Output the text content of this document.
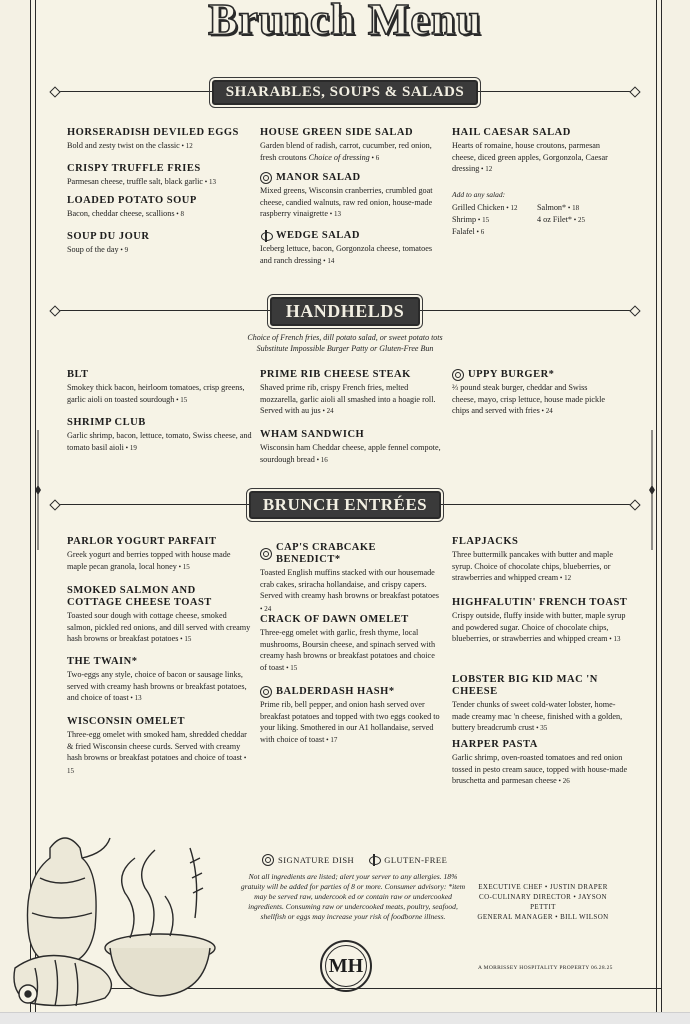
Brunch Menu
SHARABLES, SOUPS & SALADS
HORSERADISH DEVILED EGGS

Bold and zesty twist on the classic • 12

CRISPY TRUFFLE FRIES

Parmesan cheese, truffle salt, black garlic • 13

LOADED POTATO SOUP

Bacon, cheddar cheese, scallions • 8

SOUP DU JOUR

Soup of the day • 9

HOUSE GREEN SIDE SALAD

Garden blend of radish, carrot, cucumber, red onion, fresh croutons Choice of dressing • 6

MANOR SALAD

Mixed greens, Wisconsin cranberries, crumbled goat cheese, candied walnuts, raw red onion, house-made raspberry vinaigrette • 13

WEDGE SALAD

Iceberg lettuce, bacon, Gorgonzola cheese, tomatoes and ranch dressing • 14

HAIL CAESAR SALAD

Hearts of romaine, house croutons, parmesan cheese, diced green apples, Gorgonzola, Caesar dressing • 12

Add to any salad:
Grilled Chicken • 12 Salmon* • 18
Shrimp • 15	4 oz Filet* • 25
Falafel • 6
HANDHELDS
Choice of French fries, dill potato salad, or sweet potato tots
Substitute Impossible Burger Patty or Gluten-Free Bun
BLT

Smokey thick bacon, heirloom tomatoes, crisp greens, garlic aioli on toasted sourdough • 15

SHRIMP CLUB

Garlic shrimp, bacon, lettuce, tomato, Swiss cheese, and tomato basil aioli • 19

PRIME RIB CHEESE STEAK

Shaved prime rib, crispy French fries, melted mozzarella, garlic aioli all smashed into a hoagie roll. Served with au jus • 24

WHAM SANDWICH

Wisconsin ham Cheddar cheese, apple fennel compote, sourdough bread • 16

UPPY BURGER*

⅔ pound steak burger, cheddar and Swiss cheese, mayo, crisp lettuce, house made pickle chips and served with fries • 24

BRUNCH ENTRÉES
PARLOR YOGURT PARFAIT

Greek yogurt and berries topped with house made maple pecan granola, local honey • 15

SMOKED SALMON AND
COTTAGE CHEESE TOAST

Toasted sour dough with cottage cheese, smoked salmon, pickled red onions, and dill served with creamy hash browns or breakfast potatoes • 15

THE TWAIN*

Two-eggs any style, choice of bacon or sausage links, served with creamy hash browns or breakfast potatoes, and choice of toast • 13

WISCONSIN OMELET

Three-egg omelet with smoked ham, shredded cheddar & fried Wisconsin cheese curds. Served with creamy hash browns or breakfast potatoes and choice of toast • 15

CAP'S CRABCAKE BENEDICT*

Toasted English muffins stacked with our housemade crab cakes, sriracha hollandaise, and crispy capers. Served with creamy hash browns or breakfast potatoes • 24

CRACK OF DAWN OMELET

Three-egg omelet with garlic, fresh thyme, local mushrooms, Boursin cheese, and spinach served with creamy hash browns or breakfast potatoes and choice of toast • 15

BALDERDASH HASH*

Prime rib, bell pepper, and onion hash served over breakfast potatoes and topped with two eggs cooked to your liking. Smothered in our A1 hollandaise, served with choice of toast • 17

FLAPJACKS

Three buttermilk pancakes with butter and maple syrup. Choice of chocolate chips, blueberries, or strawberries and whipped cream • 12

HIGHFALUTIN' FRENCH TOAST

Crispy outside, fluffy inside with butter, maple syrup and powdered sugar. Choice of chocolate chips, blueberries, or strawberries and whipped cream • 13

LOBSTER BIG KID MAC 'N CHEESE

Tender chunks of sweet cold-water lobster, home-made creamy mac 'n cheese, finished with a golden, buttery breadcrumb crust • 35

HARPER PASTA

Garlic shrimp, oven-roasted tomatoes and red onion tossed in pesto cream sauce, topped with house-made bruschetta and parmesan cheese • 26

SIGNATURE DISH	GLUTEN-FREE
Not all ingredients are listed; alert your server to any allergies. 18% gratuity will be added for parties of 8 or more. Consumer advisory: *item may be served raw, undercook ed or contain raw or undercooked ingredients. Consuming raw or undercooked meats, poultry, seafood, shellfish or eggs may increase your risk of foodborne illness.
EXECUTIVE CHEF • JUSTIN DRAPER
CO-CULINARY DIRECTOR • JAYSON PETTIT
GENERAL MANAGER • BILL WILSON
MH	A MORRISSEY HOSPITALITY PROPERTY 06.28.25
